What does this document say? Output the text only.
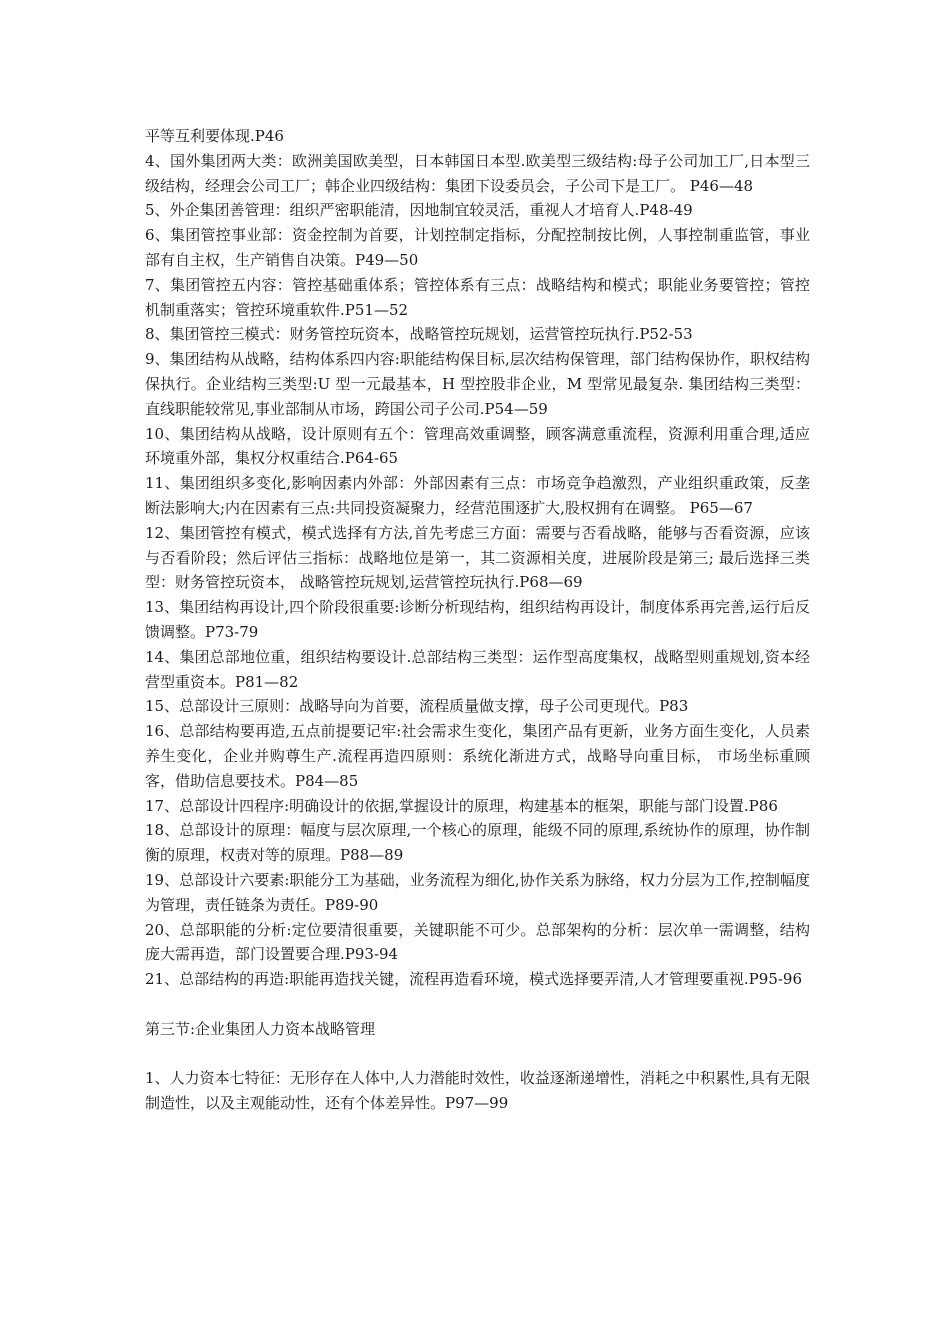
平等互利要体现.P46

4、国外集团两大类：欧洲美国欧美型，日本韩国日本型.欧美型三级结构:母子公司加工厂,日本型三级结构，经理会公司工厂；韩企业四级结构：集团下设委员会，子公司下是工厂。 P46—48

5、外企集团善管理：组织严密职能清，因地制宜较灵活，重视人才培育人.P48-49

6、集团管控事业部：资金控制为首要，计划控制定指标，分配控制按比例，人事控制重监管，事业部有自主权，生产销售自决策。P49—50

7、集团管控五内容：管控基础重体系；管控体系有三点：战略结构和模式；职能业务要管控；管控机制重落实；管控环境重软件.P51—52

8、集团管控三模式：财务管控玩资本，战略管控玩规划，运营管控玩执行.P52-53

9、集团结构从战略，结构体系四内容:职能结构保目标,层次结构保管理，部门结构保协作，职权结构保执行。企业结构三类型:U 型一元最基本，H 型控股非企业，M 型常见最复杂. 集团结构三类型：直线职能较常见,事业部制从市场，跨国公司子公司.P54—59

10、集团结构从战略，设计原则有五个：管理高效重调整，顾客满意重流程，资源利用重合理,适应环境重外部，集权分权重结合.P64-65

11、集团组织多变化,影响因素内外部：外部因素有三点：市场竞争趋激烈，产业组织重政策，反垄断法影响大;内在因素有三点:共同投资凝聚力，经营范围逐扩大,股权拥有在调整。 P65—67

12、集团管控有模式，模式选择有方法,首先考虑三方面：需要与否看战略，能够与否看资源，应该与否看阶段；然后评估三指标：战略地位是第一，其二资源相关度，进展阶段是第三; 最后选择三类型：财务管控玩资本， 战略管控玩规划,运营管控玩执行.P68—69

13、集团结构再设计,四个阶段很重要:诊断分析现结构，组织结构再设计，制度体系再完善,运行后反馈调整。P73-79

14、集团总部地位重，组织结构要设计.总部结构三类型：运作型高度集权，战略型则重规划,资本经营型重资本。P81—82

15、总部设计三原则：战略导向为首要，流程质量做支撑，母子公司更现代。P83

16、总部结构要再造,五点前提要记牢:社会需求生变化，集团产品有更新，业务方面生变化，人员素养生变化，企业并购尊生产.流程再造四原则：系统化渐进方式，战略导向重目标， 市场坐标重顾客，借助信息要技术。P84—85

17、总部设计四程序:明确设计的依据,掌握设计的原理，构建基本的框架，职能与部门设置.P86

18、总部设计的原理：幅度与层次原理,一个核心的原理，能级不同的原理,系统协作的原理，协作制衡的原理，权责对等的原理。P88—89

19、总部设计六要素:职能分工为基础，业务流程为细化,协作关系为脉络，权力分层为工作,控制幅度为管理，责任链条为责任。P89-90

20、总部职能的分析:定位要清很重要，关键职能不可少。总部架构的分析：层次单一需调整，结构庞大需再造，部门设置要合理.P93-94

21、总部结构的再造:职能再造找关键，流程再造看环境，模式选择要弄清,人才管理要重视.P95-96

第三节:企业集团人力资本战略管理

1、人力资本七特征：无形存在人体中,人力潜能时效性，收益逐渐递增性，消耗之中积累性,具有无限制造性，以及主观能动性，还有个体差异性。P97—99
